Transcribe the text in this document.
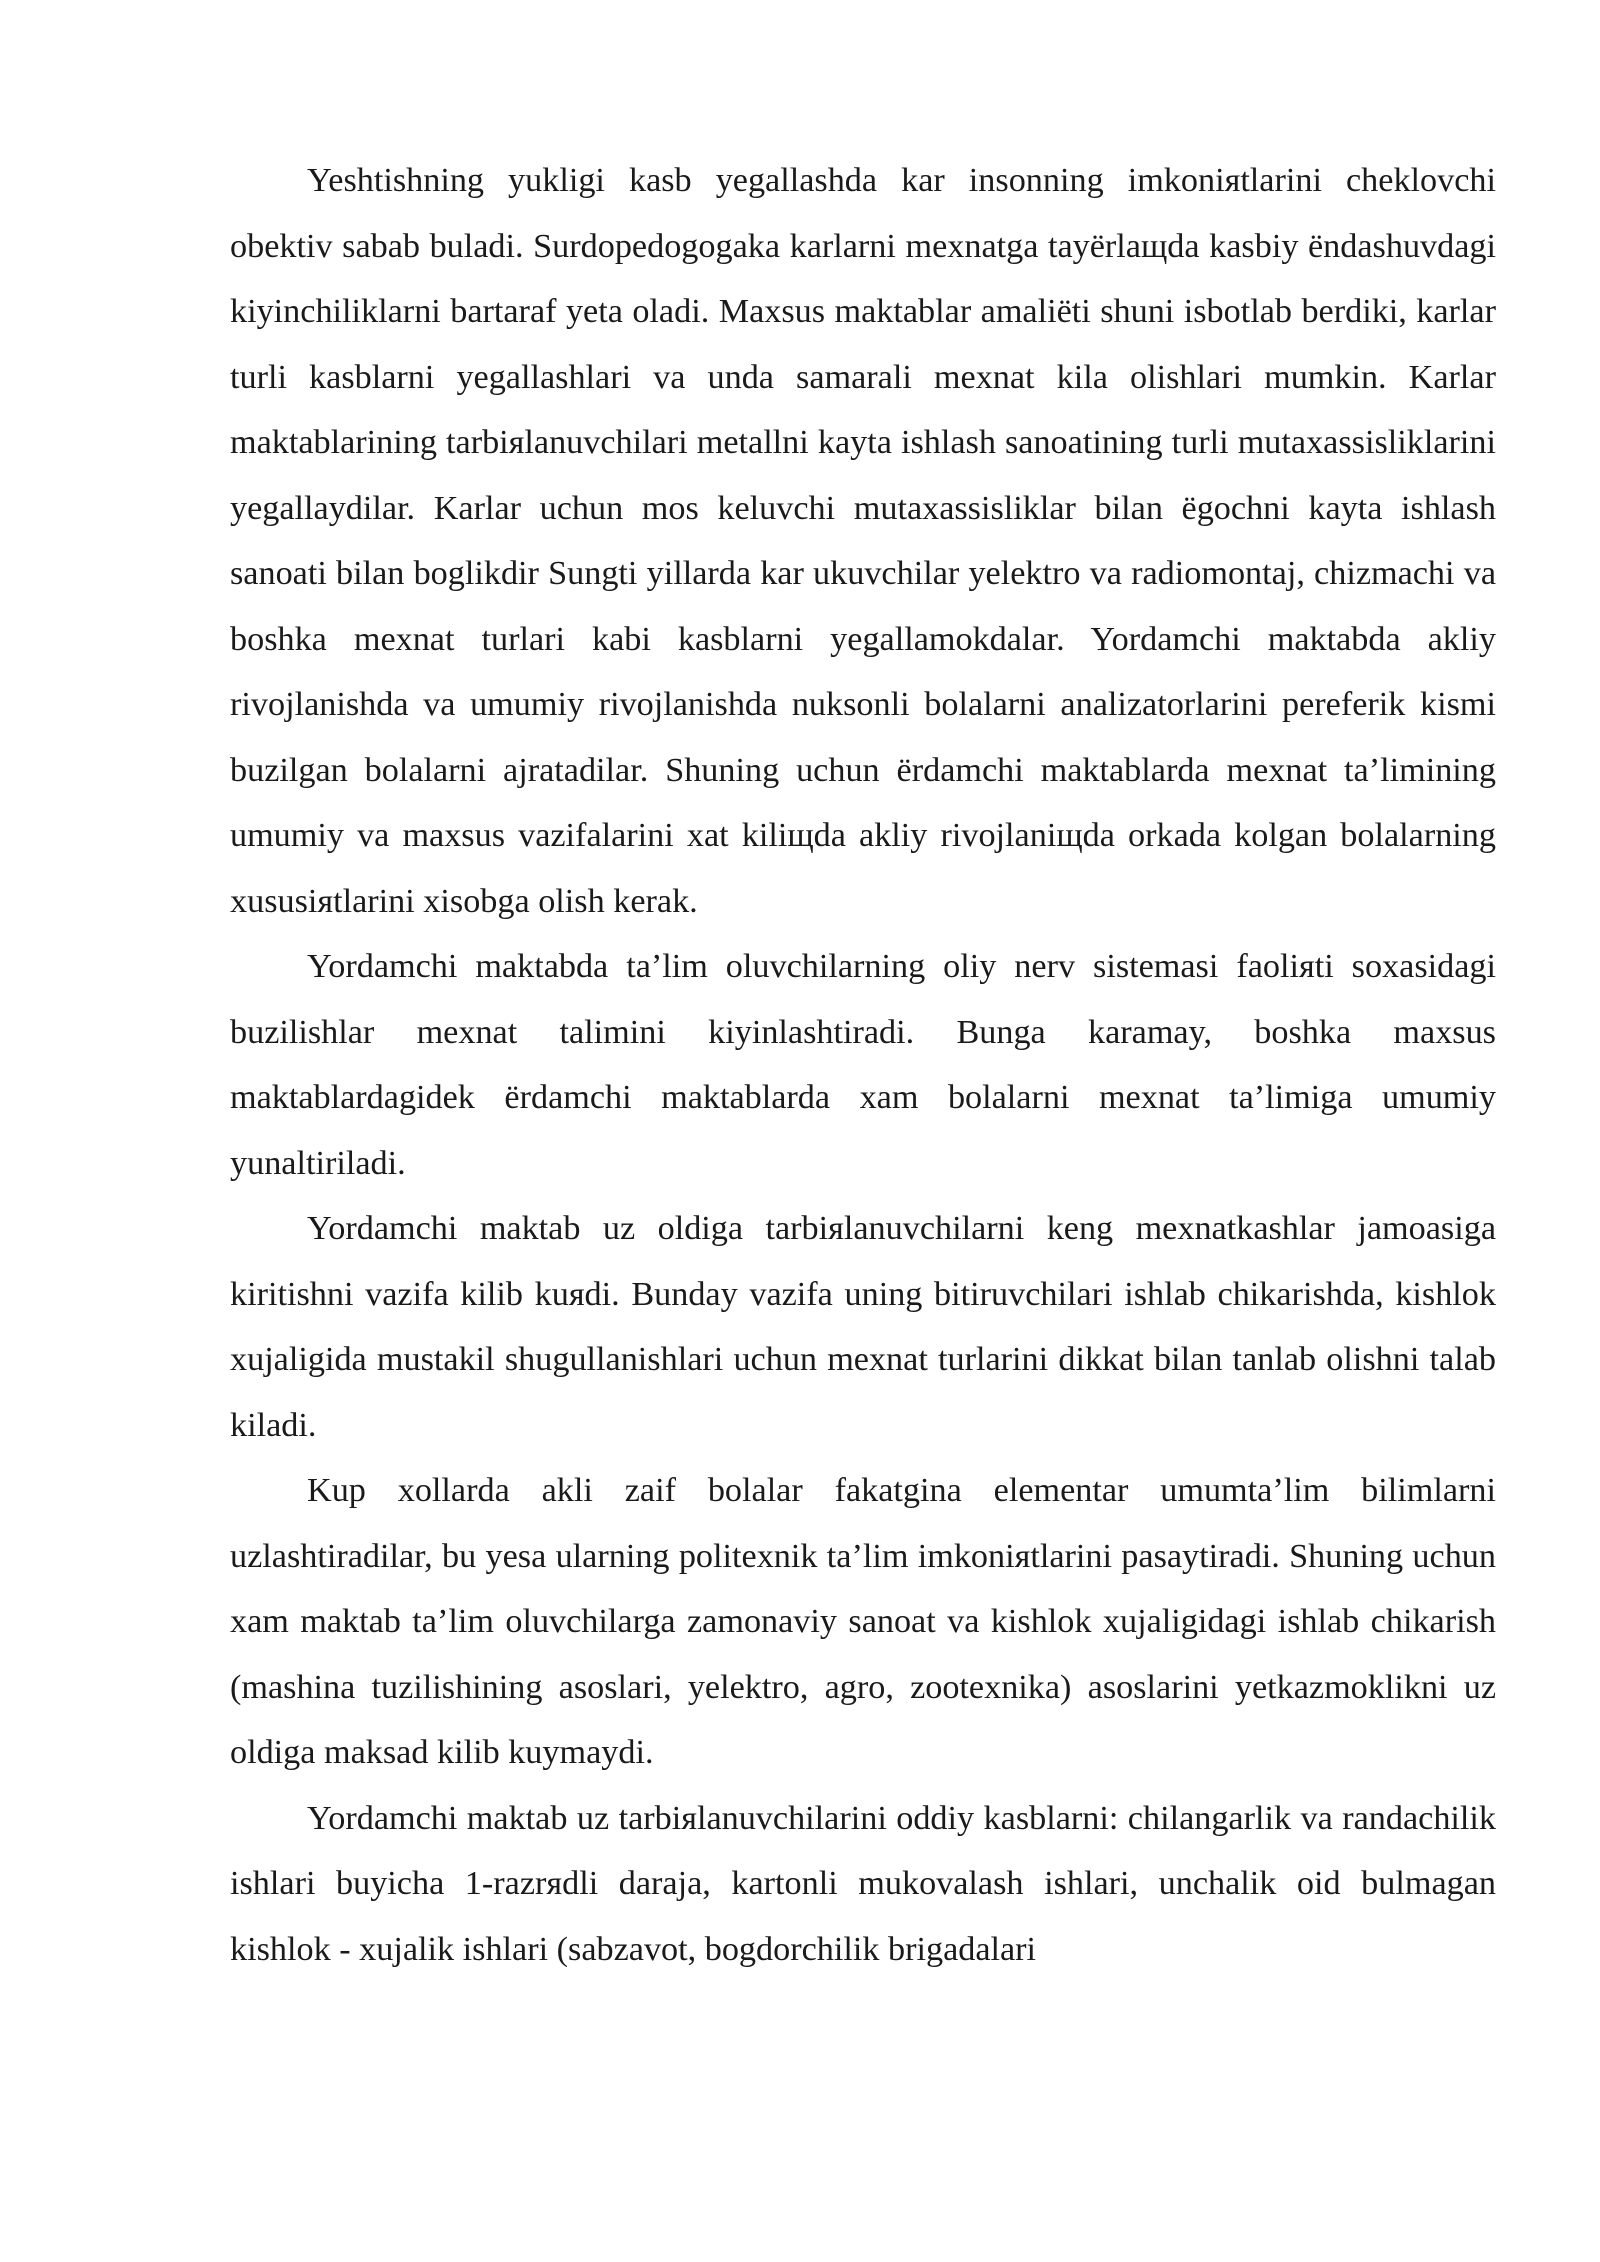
Yeshtishning yukligi kasb yegallashda kar insonning imkoniяtlarini cheklovchi obektiv sabab buladi. Surdopedogogaka karlarni mexnatga tayёrlaщda kasbiy ёndashuvdagi kiyinchiliklarni bartaraf yeta oladi. Maxsus maktablar amaliёti shuni isbotlab berdiki, karlar turli kasblarni yegallashlari va unda samarali mexnat kila olishlari mumkin. Karlar maktablarining tarbiяlanuvchilari metallni kayta ishlash sanoatining turli mutaxassisliklarini yegallaydilar. Karlar uchun mos keluvchi mutaxassisliklar bilan ёgochni kayta ishlash sanoati bilan boglikdir Sungti yillarda kar ukuvchilar yelektro va radiomontaj, chizmachi va boshka mexnat turlari kabi kasblarni yegallamokdalar. Yordamchi maktabda akliy rivojlanishda va umumiy rivojlanishda nuksonli bolalarni analizatorlarini pereferik kismi buzilgan bolalarni ajratadilar. Shuning uchun ёrdamchi maktablarda mexnat ta’limining umumiy va maxsus vazifalarini xat kiliщda akliy rivojlaniщda orkada kolgan bolalarning xususiяtlarini xisobga olish kerak.

Yordamchi maktabda ta’lim oluvchilarning oliy nerv sistemasi faoliяti soxasidagi buzilishlar mexnat talimini kiyinlashtiradi. Bunga karamay, boshka maxsus maktablardagidek ёrdamchi maktablarda xam bolalarni mexnat ta’limiga umumiy yunaltiriladi.

Yordamchi maktab uz oldiga tarbiяlanuvchilarni keng mexnatkashlar jamoasiga kiritishni vazifa kilib kuяdi. Bunday vazifa uning bitiruvchilari ishlab chikarishda, kishlok xujaligida mustakil shugullanishlari uchun mexnat turlarini dikkat bilan tanlab olishni talab kiladi.

Kup xollarda akli zaif bolalar fakatgina elementar umumta’lim bilimlarni uzlashtiradilar, bu yesa ularning politexnik ta’lim imkoniяtlarini pasaytiradi. Shuning uchun xam maktab ta’lim oluvchilarga zamonaviy sanoat va kishlok xujaligidagi ishlab chikarish (mashina tuzilishining asoslari, yelektro, agro, zootexnika) asoslarini yetkazmoklikni uz oldiga maksad kilib kuymaydi.

Yordamchi maktab uz tarbiяlanuvchilarini oddiy kasblarni: chilangarlik va randachilik ishlari buyicha 1-razrяdli daraja, kartonli mukovalash ishlari, unchalik oid bulmagan kishlok - xujalik ishlari (sabzavot, bogdorchilik brigadalari
